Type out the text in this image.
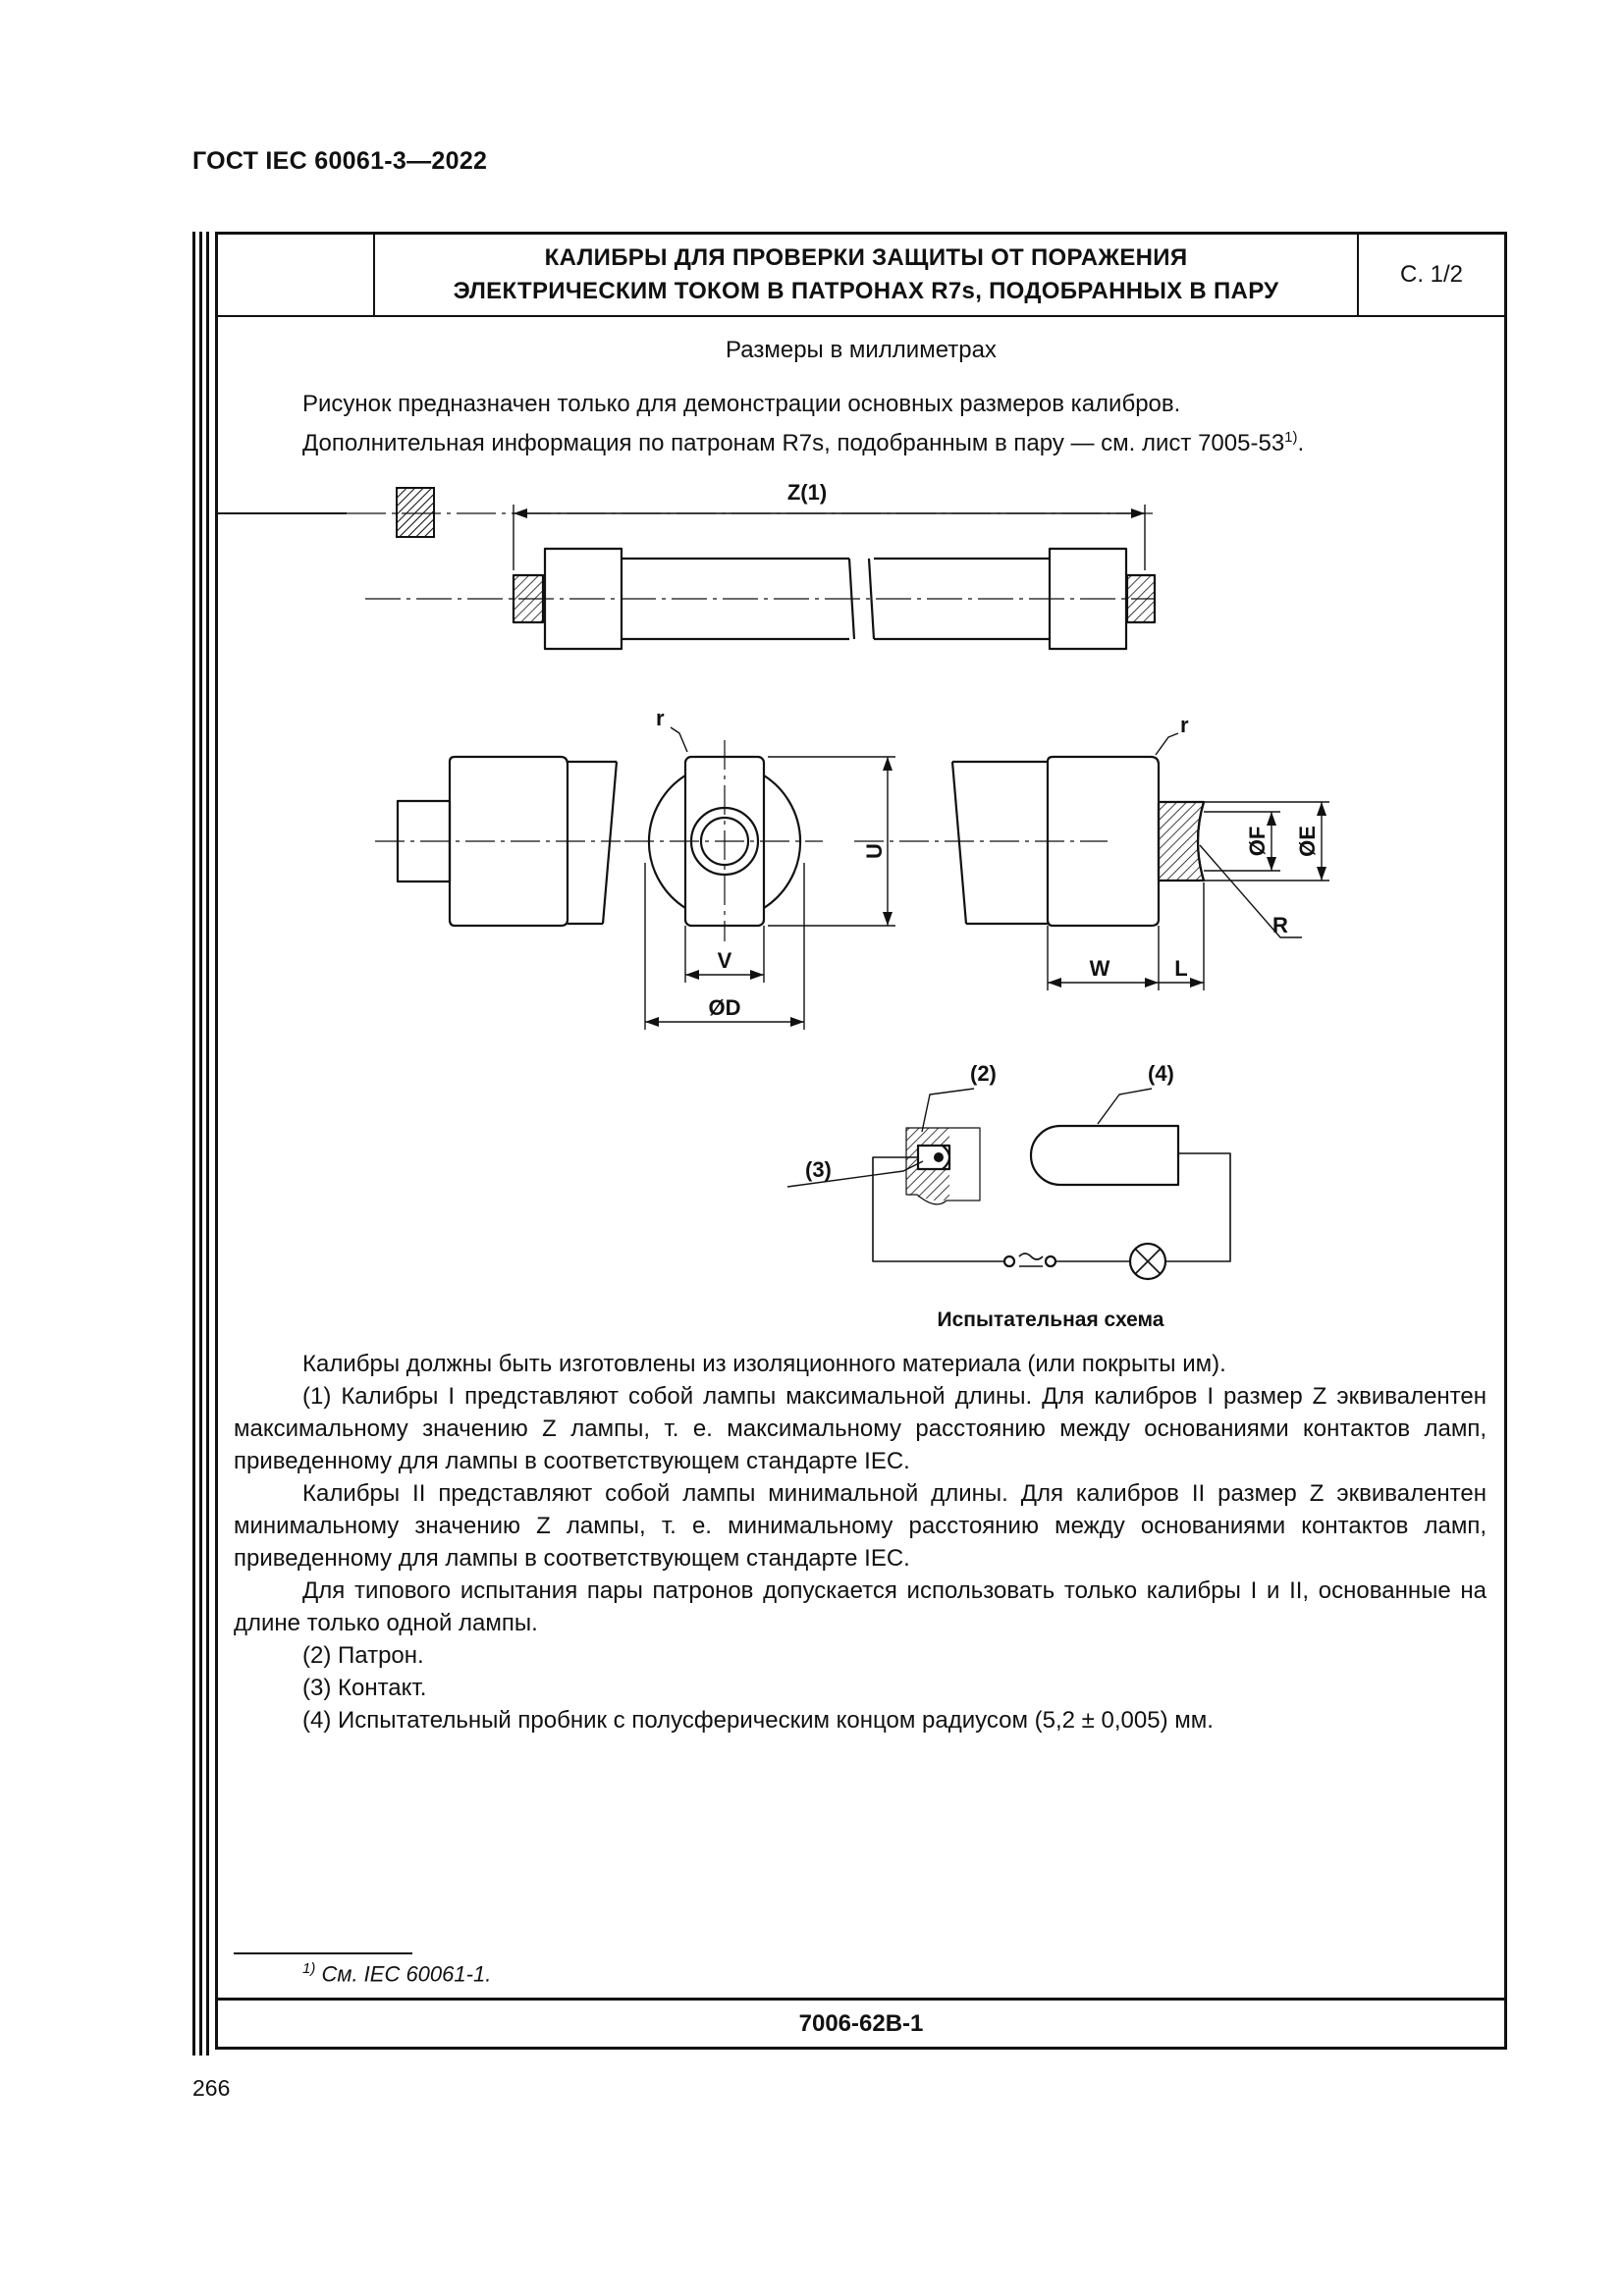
ГОСТ IEC 60061-3—2022
КАЛИБРЫ ДЛЯ ПРОВЕРКИ ЗАЩИТЫ ОТ ПОРАЖЕНИЯ
ЭЛЕКТРИЧЕСКИМ ТОКОМ В ПАТРОНАХ R7s, ПОДОБРАННЫХ В ПАРУ
С. 1/2
Размеры в миллиметрах
Рисунок предназначен только для демонстрации основных размеров калибров.
Дополнительная информация по патронам R7s, подобранным в пару — см. лист 7005-53$^{1)}$.
Z(1)
r	r
U
V
ØD
W	L
ØF ØE
R
(2)	(4)
(3)
Испытательная схема

Калибры должны быть изготовлены из изоляционного материала (или покрыты им).

(1) Калибры I представляют собой лампы максимальной длины. Для калибров I размер Z эквивалентен максимальному значению Z лампы, т. е. максимальному расстоянию между основаниями контактов ламп, приведенному для лампы в соответствующем стандарте IEC.

Калибры II представляют собой лампы минимальной длины. Для калибров II размер Z эквивалентен минимальному значению Z лампы, т. е. минимальному расстоянию между основаниями контактов ламп, приведенному для лампы в соответствующем стандарте IEC.

Для типового испытания пары патронов допускается использовать только калибры I и II, основанные на длине только одной лампы.

(2) Патрон.

(3) Контакт.

(4) Испытательный пробник с полусферическим концом радиусом (5,2 ± 0,005) мм.

$^{1)}$ См. IEC 60061-1.
7006-62B-1
266
